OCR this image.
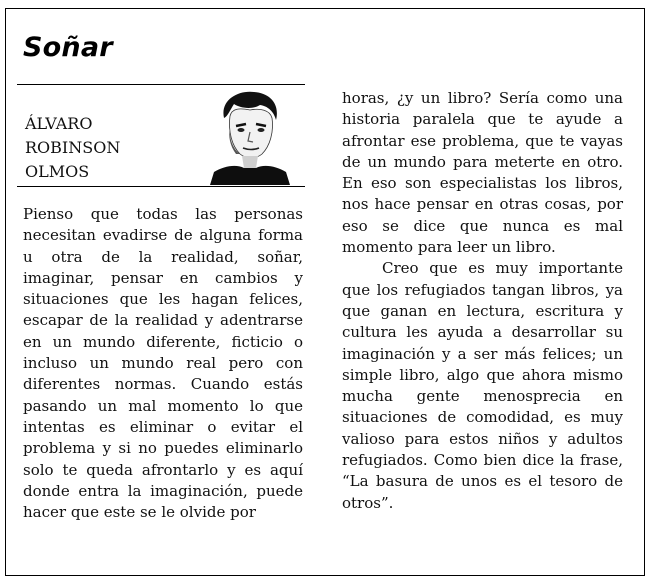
Soñar
ÁLVARO
ROBINSON
OLMOS

Pienso que todas las personas necesitan evadirse de alguna forma u otra de la realidad, soñar, imaginar, pensar en cambios y situaciones que les hagan felices, escapar de la realidad y adentrarse en un mundo diferente, ficticio o incluso un mundo real pero con diferentes normas. Cuando estás pasando un mal momento lo que intentas es eliminar o evitar el problema y si no puedes eliminarlo solo te queda afrontarlo y es aquí donde entra la imaginación, puede hacer que este se le olvide por

horas, ¿y un libro? Sería como una historia paralela que te ayude a afrontar ese problema, que te vayas de un mundo para meterte en otro. En eso son especialistas los libros, nos hace pensar en otras cosas, por eso se dice que nunca es mal momento para leer un libro.

Creo que es muy importante que los refugiados tangan libros, ya que ganan en lectura, escritura y cultura les ayuda a desarrollar su imaginación y a ser más felices; un simple libro, algo que ahora mismo mucha gente menosprecia en situaciones de comodidad, es muy valioso para estos niños y adultos refugiados. Como bien dice la frase, “La basura de unos es el tesoro de otros”.
